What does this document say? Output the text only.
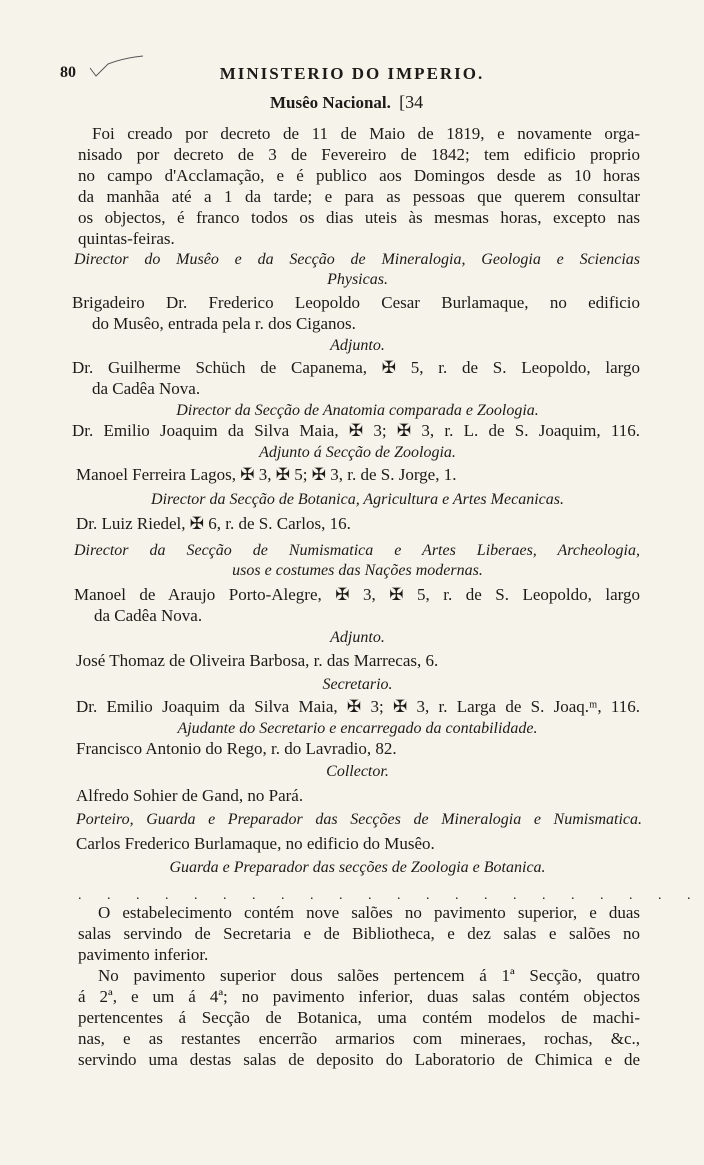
80	MINISTERIO DO IMPERIO.
Musêo Nacional. [34
Foi creado por decreto de 11 de Maio de 1819, e novamente orga-
nisado por decreto de 3 de Fevereiro de 1842; tem edificio proprio
no campo d'Acclamação, e é publico aos Domingos desde as 10 horas
da manhãa até a 1 da tarde; e para as pessoas que querem consultar
os objectos, é franco todos os dias uteis às mesmas horas, excepto nas
quintas-feiras.
Director do Musêo e da Secção de Mineralogia, Geologia e Sciencias
Physicas.
Brigadeiro Dr. Frederico Leopoldo Cesar Burlamaque, no edificio
do Musêo, entrada pela r. dos Ciganos.
Adjunto.
Dr. Guilherme Schüch de Capanema, ✠ 5, r. de S. Leopoldo, largo
da Cadêa Nova.
Director da Secção de Anatomia comparada e Zoologia.
Dr. Emilio Joaquim da Silva Maia, ✠ 3; ✠ 3, r. L. de S. Joaquim, 116.
Adjunto á Secção de Zoologia.
Manoel Ferreira Lagos, ✠ 3, ✠ 5; ✠ 3, r. de S. Jorge, 1.
Director da Secção de Botanica, Agricultura e Artes Mecanicas.
Dr. Luiz Riedel, ✠ 6, r. de S. Carlos, 16.
Director da Secção de Numismatica e Artes Liberaes, Archeologia,
usos e costumes das Nações modernas.
Manoel de Araujo Porto-Alegre, ✠ 3, ✠ 5, r. de S. Leopoldo, largo
da Cadêa Nova.
Adjunto.
José Thomaz de Oliveira Barbosa, r. das Marrecas, 6.
Secretario.
Dr. Emilio Joaquim da Silva Maia, ✠ 3; ✠ 3, r. Larga de S. Joaq.ᵐ, 116.
Ajudante do Secretario e encarregado da contabilidade.
Francisco Antonio do Rego, r. do Lavradio, 82.
Collector.
Alfredo Sohier de Gand, no Pará.
Porteiro, Guarda e Preparador das Secções de Mineralogia e Numismatica.
Carlos Frederico Burlamaque, no edificio do Musêo.
Guarda e Preparador das secções de Zoologia e Botanica.
. . . . . . . . . . . . . . . . . . . . . .
O estabelecimento contém nove salões no pavimento superior, e duas
salas servindo de Secretaria e de Bibliotheca, e dez salas e salões no
pavimento inferior.
No pavimento superior dous salões pertencem á 1ª Secção, quatro
á 2ª, e um á 4ª; no pavimento inferior, duas salas contém objectos
pertencentes á Secção de Botanica, uma contém modelos de machi-
nas, e as restantes encerrão armarios com mineraes, rochas, &c.,
servindo uma destas salas de deposito do Laboratorio de Chimica e de
